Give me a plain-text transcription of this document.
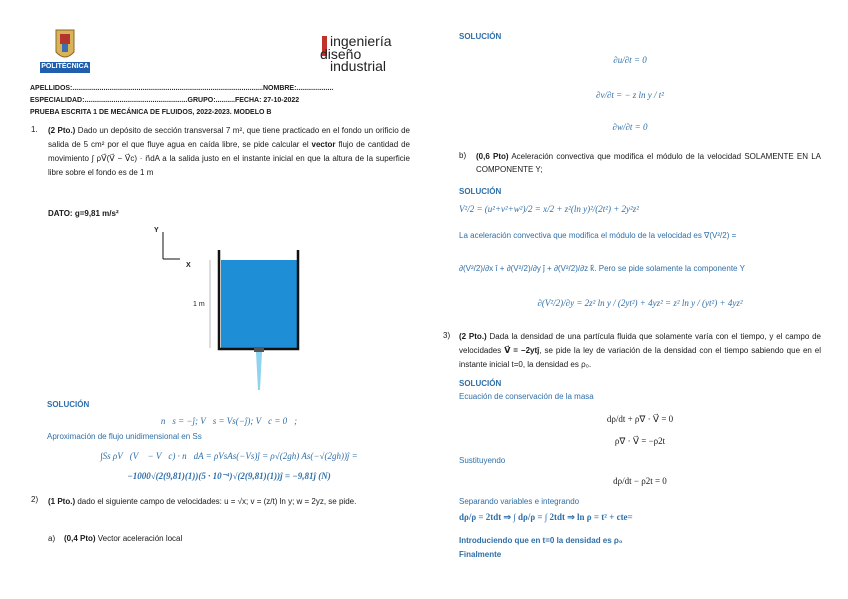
POLITÉCNICA
ingeniería
diseño
industrial
APELLIDOS:..................................................................................................NOMBRE:...................
ESPECIALIDAD:.....................................................GRUPO:..........FECHA: 27-10-2022
PRUEBA ESCRITA 1 DE MECÁNICA DE FLUIDOS, 2022-2023. MODELO B
1. (2 Pto.) Dado un depósito de sección transversal 7 m², que tiene practicado en el fondo un orificio de salida de 5 cm² por el que fluye agua en caída libre, se pide calcular el vector flujo de cantidad de movimiento ∫ ρV⃗(V⃗ − V⃗c) · n⃗dA a la salida justo en el instante inicial en que la altura de la superficie libre sobre el fondo es de 1 m
DATO: g=9,81 m/s²
Y
X
1 m
SOLUCIÓN
n⃗s = −ĵ; V⃗s = Vs(−ĵ); V⃗c = 0⃗;
Aproximación de flujo unidimensional en Ss
∫Ss ρV⃗(V⃗ − V⃗c) · n⃗dA = ρVsAs(−Vs)ĵ = ρ√(2gh) As(−√(2gh))ĵ =
−1000√(2(9,81)(1))(5 · 10⁻⁴)√(2(9,81)(1))ĵ = −9,81ĵ (N)
2) (1 Pto.) dado el siguiente campo de velocidades: u = √x; v = (z/t) ln y; w = 2yz, se pide.
a) (0,4 Pto) Vector aceleración local
SOLUCIÓN
∂u/∂t = 0
∂v/∂t = − z ln y / t²
∂w/∂t = 0
b) (0,6 Pto) Aceleración convectiva que modifica el módulo de la velocidad SOLAMENTE EN LA COMPONENTE Y;
SOLUCIÓN
V²/2 = (u²+v²+w²)/2 = x/2 + z²(ln y)²/(2t²) + 2y²z²
La aceleración convectiva que modifica el módulo de la velocidad es ∇(V²/2) =
∂(V²/2)/∂x î + ∂(V²/2)/∂y ĵ + ∂(V²/2)/∂z k̂. Pero se pide solamente la componente Y
∂(V²/2)/∂y = 2z² ln y / (2yt²) + 4yz² = z² ln y / (yt²) + 4yz²
3) (2 Pto.) Dada la densidad de una partícula fluida que solamente varía con el tiempo, y el campo de velocidades V⃗ = −2ytĵ, se pide la ley de variación de la densidad con el tiempo sabiendo que en el instante inicial t=0, la densidad es ρ₀.
SOLUCIÓN
Ecuación de conservación de la masa
dρ/dt + ρ∇ · V⃗ = 0
ρ∇ · V⃗ = −ρ2t
Sustituyendo
dρ/dt − ρ2t = 0
Separando variables e integrando
dρ/ρ = 2tdt ⇒ ∫ dρ/ρ = ∫ 2tdt ⇒ ln ρ = t² + cte=
Introduciendo que en t=0 la densidad es ρ₀
Finalmente
